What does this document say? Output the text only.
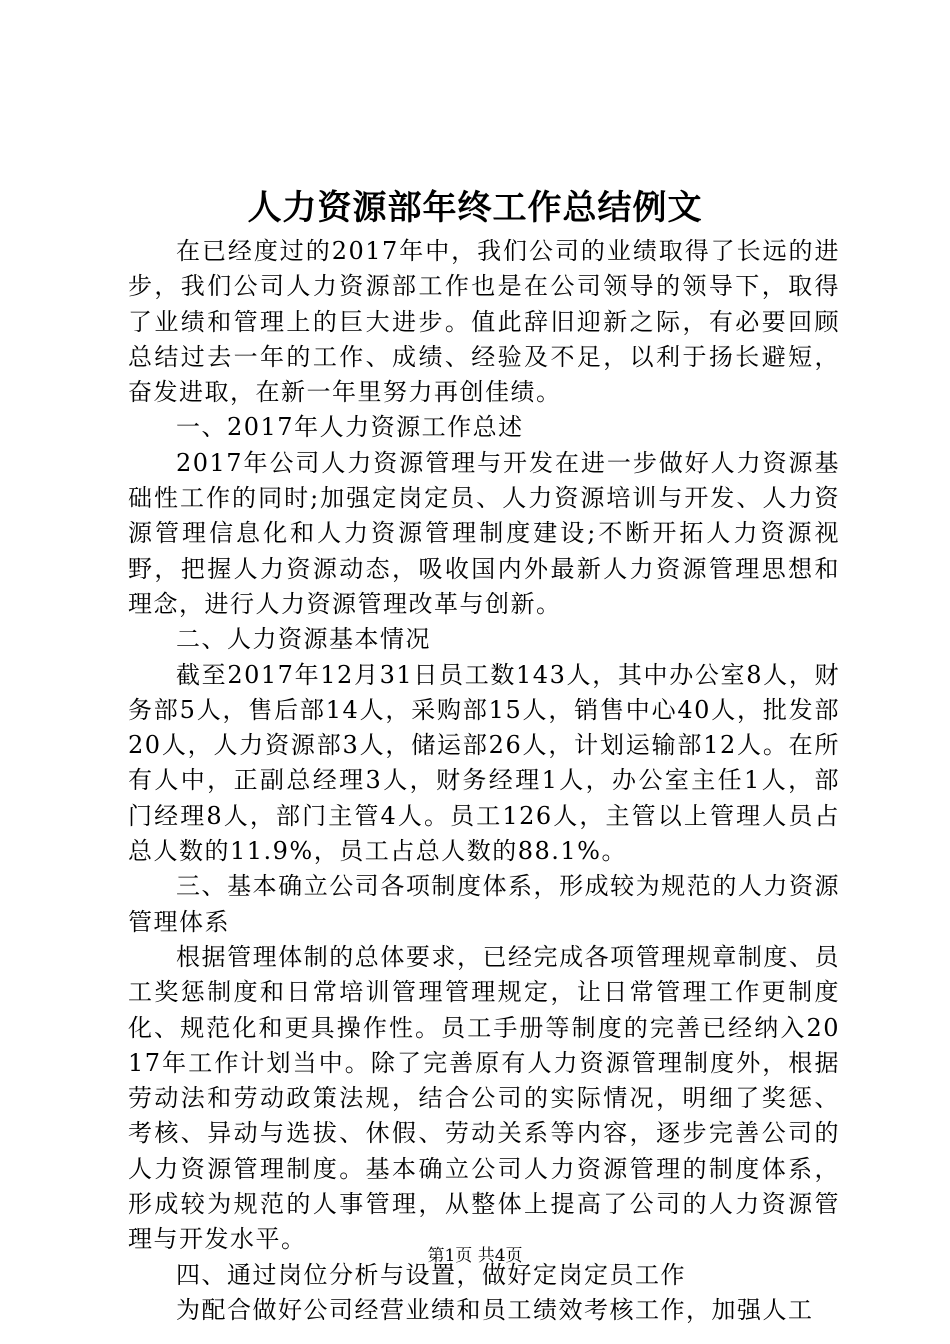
人力资源部年终工作总结例文

在已经度过的2017年中，我们公司的业绩取得了长远的进步，我们公司人力资源部工作也是在公司领导的领导下，取得了业绩和管理上的巨大进步。值此辞旧迎新之际，有必要回顾总结过去一年的工作、成绩、经验及不足，以利于扬长避短，奋发进取，在新一年里努力再创佳绩。

一、2017年人力资源工作总述

2017年公司人力资源管理与开发在进一步做好人力资源基础性工作的同时;加强定岗定员、人力资源培训与开发、人力资源管理信息化和人力资源管理制度建设;不断开拓人力资源视野，把握人力资源动态，吸收国内外最新人力资源管理思想和理念，进行人力资源管理改革与创新。

二、人力资源基本情况

截至2017年12月31日员工数143人，其中办公室8人，财务部5人，售后部14人，采购部15人，销售中心40人，批发部20人，人力资源部3人，储运部26人，计划运输部12人。在所有人中，正副总经理3人，财务经理1人，办公室主任1人，部门经理8人，部门主管4人。员工126人，主管以上管理人员占总人数的11.9%，员工占总人数的88.1%。

三、基本确立公司各项制度体系，形成较为规范的人力资源管理体系

根据管理体制的总体要求，已经完成各项管理规章制度、员工奖惩制度和日常培训管理管理规定，让日常管理工作更制度化、规范化和更具操作性。员工手册等制度的完善已经纳入2017年工作计划当中。除了完善原有人力资源管理制度外，根据劳动法和劳动政策法规，结合公司的实际情况，明细了奖惩、考核、异动与选拔、休假、劳动关系等内容，逐步完善公司的人力资源管理制度。基本确立公司人力资源管理的制度体系，形成较为规范的人事管理，从整体上提高了公司的人力资源管理与开发水平。

四、通过岗位分析与设置，做好定岗定员工作

为配合做好公司经营业绩和员工绩效考核工作，加强人工

第1页 共4页
